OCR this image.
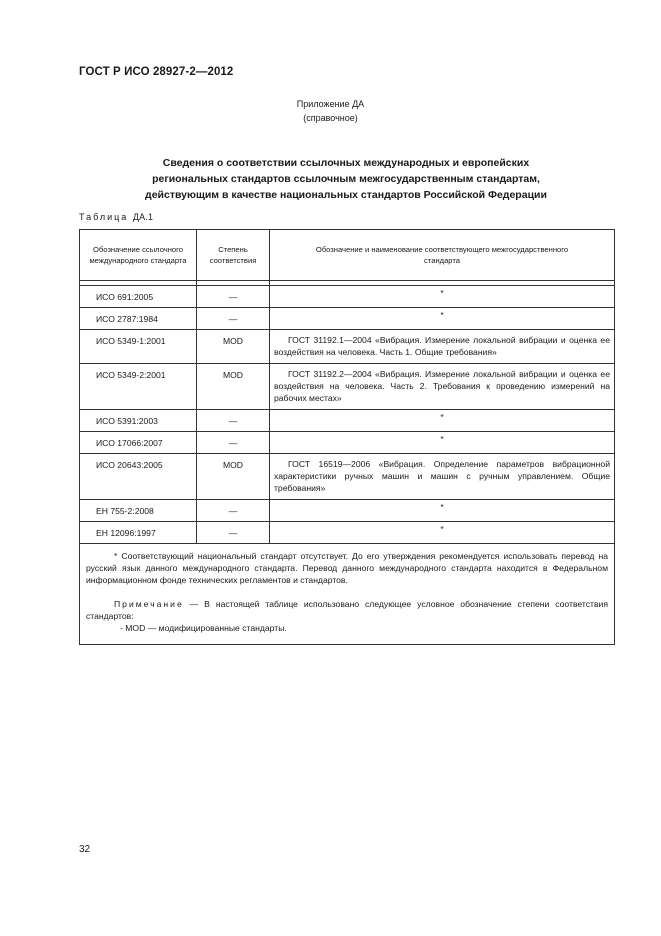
ГОСТ Р ИСО 28927-2—2012
Приложение ДА
(справочное)
Сведения о соответствии ссылочных международных и европейских
региональных стандартов ссылочным межгосударственным стандартам,
действующим в качестве национальных стандартов Российской Федерации
Таблица ДА.1
Обозначение ссылочного международного стандарта	Степень соответствия	Обозначение и наименование соответствующего межгосударственного стандарта

ИСО 691:2005	—	*
ИСО 2787:1984	—	*
ИСО 5349-1:2001	MOD	ГОСТ 31192.1—2004 «Вибрация. Измерение локальной вибрации и оценка ее воздействия на человека. Часть 1. Общие требования»
ИСО 5349-2:2001	MOD	ГОСТ 31192.2—2004 «Вибрация. Измерение локальной вибрации и оценка ее воздействия на человека. Часть 2. Требования к проведению измерений на рабочих местах»
ИСО 5391:2003	—	*
ИСО 17066:2007	—	*
ИСО 20643:2005	MOD	ГОСТ 16519—2006 «Вибрация. Определение параметров вибрационной характеристики ручных машин и машин с ручным управлением. Общие требования»
ЕН 755-2:2008	—	*
ЕН 12096:1997	—	*

* Соответствующий национальный стандарт отсутствует. До его утверждения рекомендуется использовать перевод на русский язык данного международного стандарта. Перевод данного международного стандарта находится в Федеральном информационном фонде технических регламентов и стандартов.

Примечание — В настоящей таблице использовано следующее условное обозначение степени соответствия стандартов:

- MOD — модифицированные стандарты.		

32
